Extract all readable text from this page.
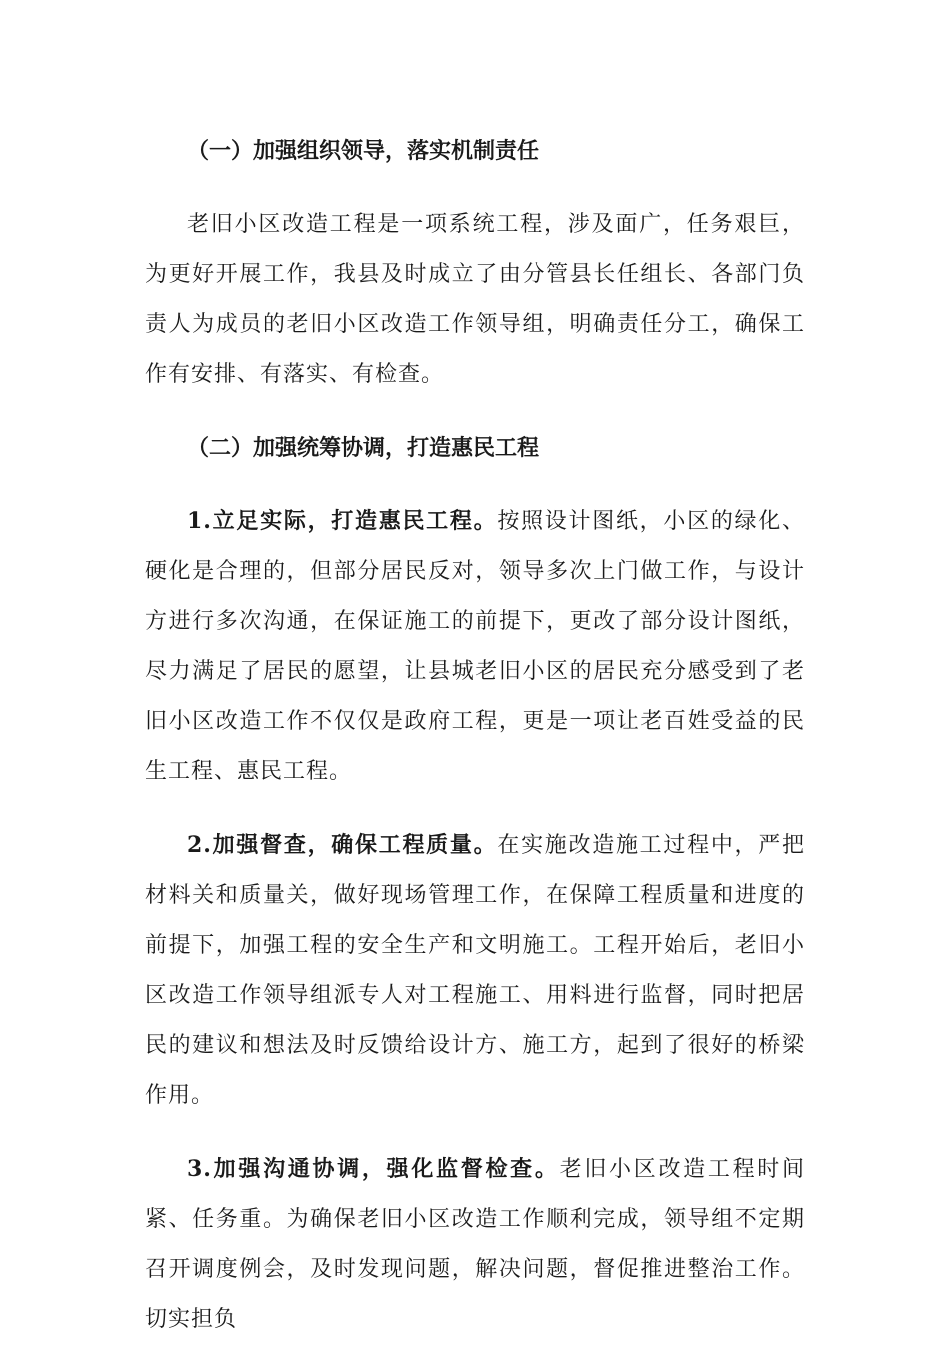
（一）加强组织领导，落实机制责任

老旧小区改造工程是一项系统工程，涉及面广，任务艰巨，为更好开展工作，我县及时成立了由分管县长任组长、各部门负责人为成员的老旧小区改造工作领导组，明确责任分工，确保工作有安排、有落实、有检查。

（二）加强统筹协调，打造惠民工程

1.立足实际，打造惠民工程。按照设计图纸，小区的绿化、硬化是合理的，但部分居民反对，领导多次上门做工作，与设计方进行多次沟通，在保证施工的前提下，更改了部分设计图纸，尽力满足了居民的愿望，让县城老旧小区的居民充分感受到了老旧小区改造工作不仅仅是政府工程，更是一项让老百姓受益的民生工程、惠民工程。

2.加强督查，确保工程质量。在实施改造施工过程中，严把材料关和质量关，做好现场管理工作，在保障工程质量和进度的前提下，加强工程的安全生产和文明施工。工程开始后，老旧小区改造工作领导组派专人对工程施工、用料进行监督，同时把居民的建议和想法及时反馈给设计方、施工方，起到了很好的桥梁作用。

3.加强沟通协调，强化监督检查。老旧小区改造工程时间紧、任务重。为确保老旧小区改造工作顺利完成，领导组不定期召开调度例会，及时发现问题，解决问题，督促推进整治工作。切实担负
